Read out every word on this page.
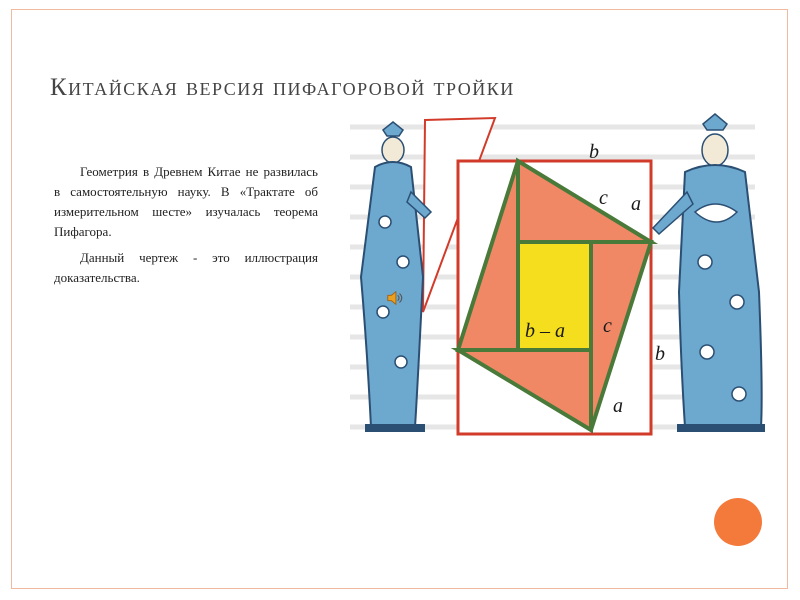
Китайская версия пифагоровой тройки

Геометрия в Древнем Китае не развилась в самостоятельную науку. В «Трактате об измерительном шесте» изучалась теорема Пифагора.

Данный чертеж - это иллюстрация доказательства.

b
c a
b – a c
b
a
